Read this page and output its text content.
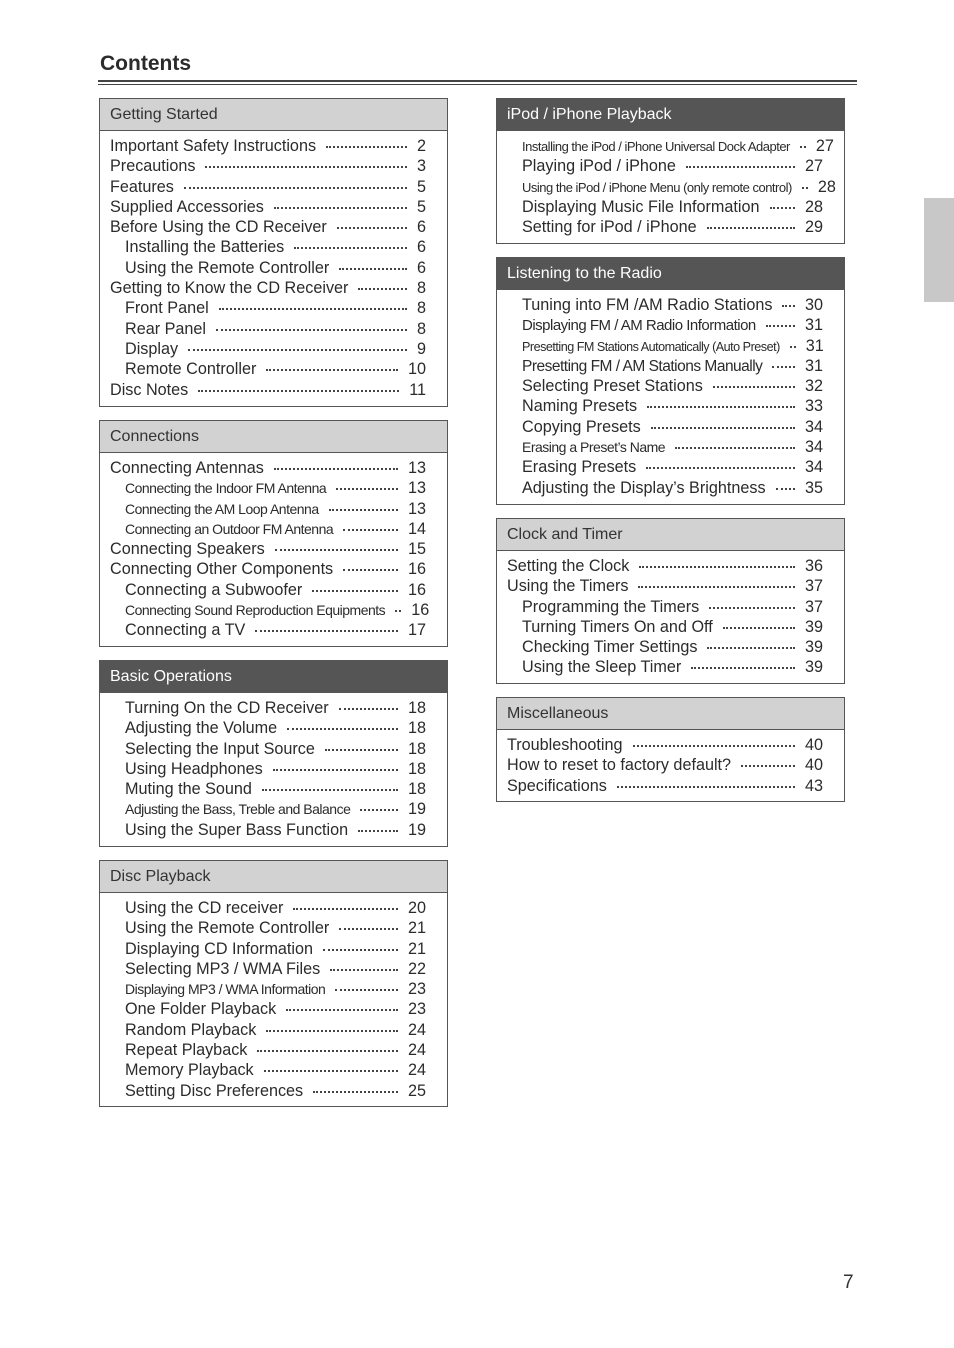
Contents
Getting Started
Important Safety Instructions	2
Precautions	3
Features	5
Supplied Accessories	5
Before Using the CD Receiver	6
Installing the Batteries	6
Using the Remote Controller	6
Getting to Know the CD Receiver	8
Front Panel	8
Rear Panel	8
Display	9
Remote Controller	10
Disc Notes	11
Connections
Connecting Antennas	13
Connecting the Indoor FM Antenna	13
Connecting the AM Loop Antenna	13
Connecting an Outdoor FM Antenna	14
Connecting Speakers	15
Connecting Other Components	16
Connecting a Subwoofer	16
Connecting Sound Reproduction Equipments 16
Connecting a TV	17
Basic Operations
Turning On the CD Receiver	18
Adjusting the Volume	18
Selecting the Input Source	18
Using Headphones	18
Muting the Sound	18
Adjusting the Bass, Treble and Balance	19
Using the Super Bass Function	19
Disc Playback
Using the CD receiver	20
Using the Remote Controller	21
Displaying CD Information	21
Selecting MP3 / WMA Files	22
Displaying MP3 / WMA Information	23
One Folder Playback	23
Random Playback	24
Repeat Playback	24
Memory Playback	24
Setting Disc Preferences	25
iPod / iPhone Playback
Installing the iPod / iPhone Universal Dock Adapter 27
Playing iPod / iPhone	27
Using the iPod / iPhone Menu (only remote control) 28
Displaying Music File Information	28
Setting for iPod / iPhone	29
Listening to the Radio
Tuning into FM /AM Radio Stations 30
Displaying FM / AM Radio Information	31
Presetting FM Stations Automatically (Auto Preset) 31
Presetting FM / AM Stations Manually	31
Selecting Preset Stations	32
Naming Presets	33
Copying Presets	34
Erasing a Preset’s Name	34
Erasing Presets	34
Adjusting the Display’s Brightness 35
Clock and Timer
Setting the Clock	36
Using the Timers	37
Programming the Timers	37
Turning Timers On and Off	39
Checking Timer Settings	39
Using the Sleep Timer	39
Miscellaneous
Troubleshooting	40
How to reset to factory default?	40
Specifications	43
7
